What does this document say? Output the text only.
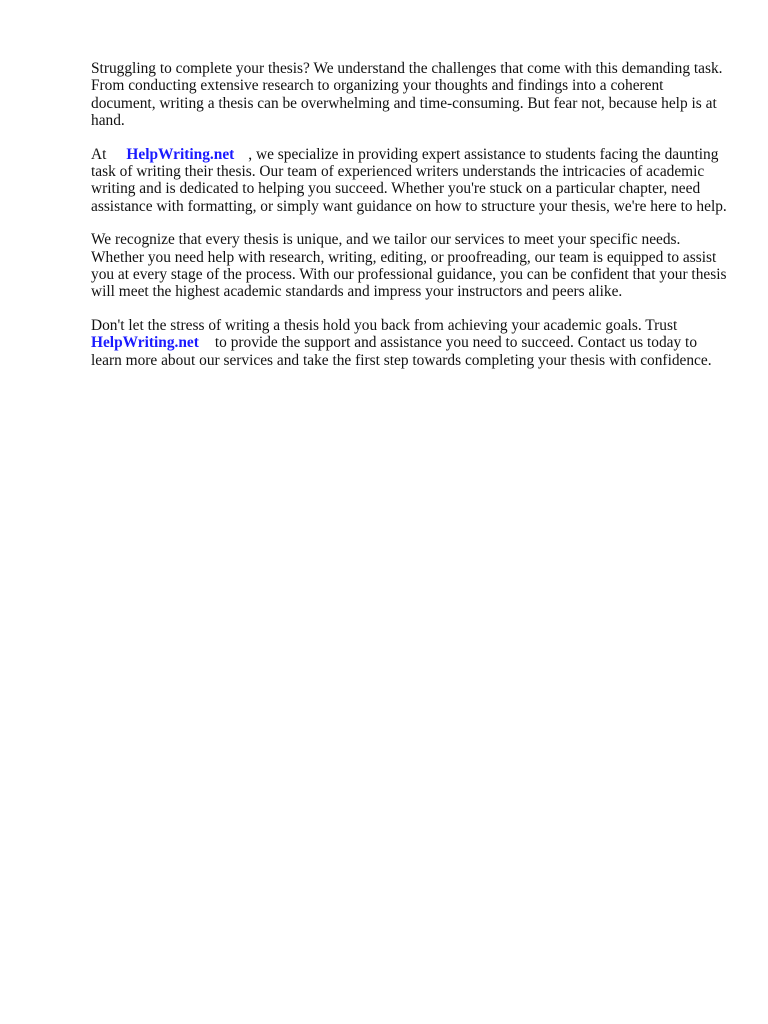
Struggling to complete your thesis? We understand the challenges that come with this demanding task. From conducting extensive research to organizing your thoughts and findings into a coherent document, writing a thesis can be overwhelming and time-consuming. But fear not, because help is at hand.

At HelpWriting.net , we specialize in providing expert assistance to students facing the daunting task of writing their thesis. Our team of experienced writers understands the intricacies of academic writing and is dedicated to helping you succeed. Whether you're stuck on a particular chapter, need assistance with formatting, or simply want guidance on how to structure your thesis, we're here to help.

We recognize that every thesis is unique, and we tailor our services to meet your specific needs. Whether you need help with research, writing, editing, or proofreading, our team is equipped to assist you at every stage of the process. With our professional guidance, you can be confident that your thesis will meet the highest academic standards and impress your instructors and peers alike.

Don't let the stress of writing a thesis hold you back from achieving your academic goals. Trust
HelpWriting.net to provide the support and assistance you need to succeed. Contact us today to learn more about our services and take the first step towards completing your thesis with confidence.
